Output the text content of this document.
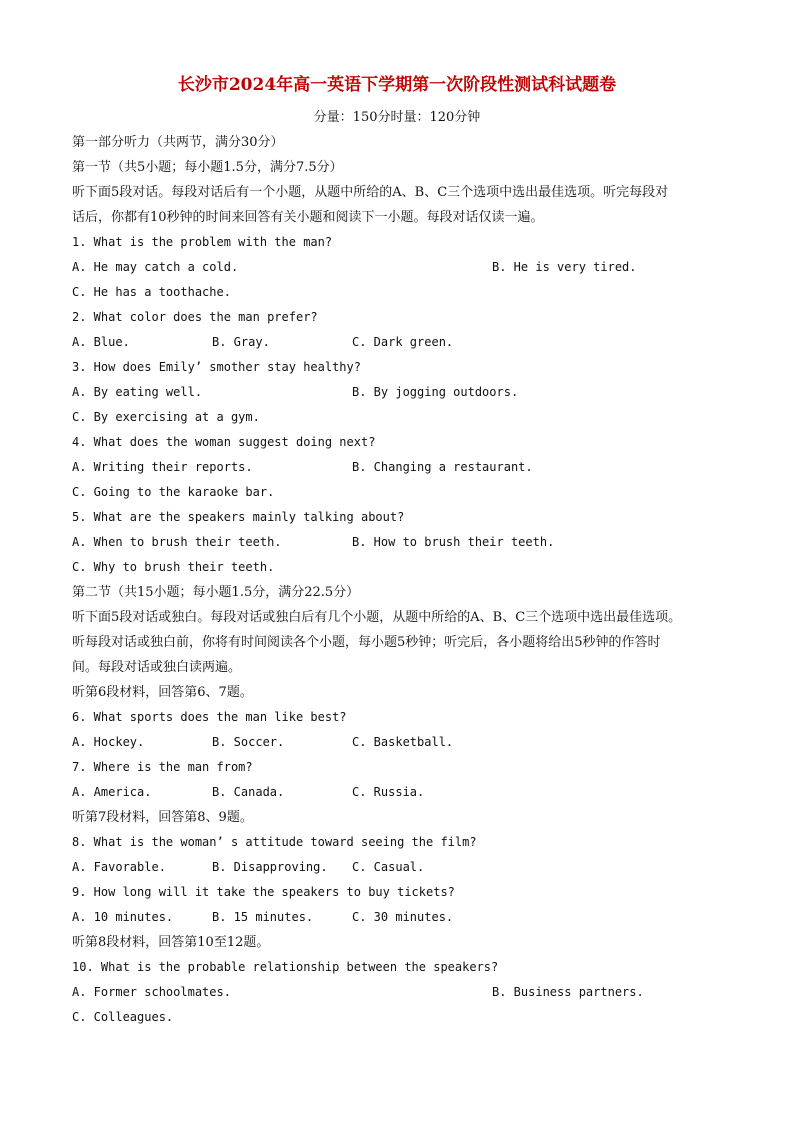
长沙市2024年高一英语下学期第一次阶段性测试科试题卷
分量：150分时量：120分钟
第一部分听力（共两节，满分30分）
第一节（共5小题；每小题1.5分，满分7.5分）
听下面5段对话。每段对话后有一个小题，从题中所给的A、B、C三个选项中选出最佳选项。听完每段对
话后，你都有10秒钟的时间来回答有关小题和阅读下一小题。每段对话仅读一遍。
1. What is the problem with the man?
A. He may catch a cold.	B. He is very tired.
C. He has a toothache.
2. What color does the man prefer?
A. Blue.	B. Gray.	C. Dark green.
3. How does Emily’ smother stay healthy?
A. By eating well.	B. By jogging outdoors.
C. By exercising at a gym.
4. What does the woman suggest doing next?
A. Writing their reports.	B. Changing a restaurant.
C. Going to the karaoke bar.
5. What are the speakers mainly talking about?
A. When to brush their teeth.	B. How to brush their teeth.
C. Why to brush their teeth.
第二节（共15小题；每小题1.5分，满分22.5分）
听下面5段对话或独白。每段对话或独白后有几个小题，从题中所给的A、B、C三个选项中选出最佳选项。
听每段对话或独白前，你将有时间阅读各个小题，每小题5秒钟；听完后，各小题将给出5秒钟的作答时
间。每段对话或独白读两遍。
听第6段材料，回答第6、7题。
6. What sports does the man like best?
A. Hockey.	B. Soccer.	C. Basketball.
7. Where is the man from?
A. America.	B. Canada.	C. Russia.
听第7段材料，回答第8、9题。
8. What is the woman’ s attitude toward seeing the film?
A. Favorable.	B. Disapproving. C. Casual.
9. How long will it take the speakers to buy tickets?
A. 10 minutes.	B. 15 minutes.	C. 30 minutes.
听第8段材料，回答第10至12题。
10. What is the probable relationship between the speakers?
A. Former schoolmates.	B. Business partners.
C. Colleagues.
